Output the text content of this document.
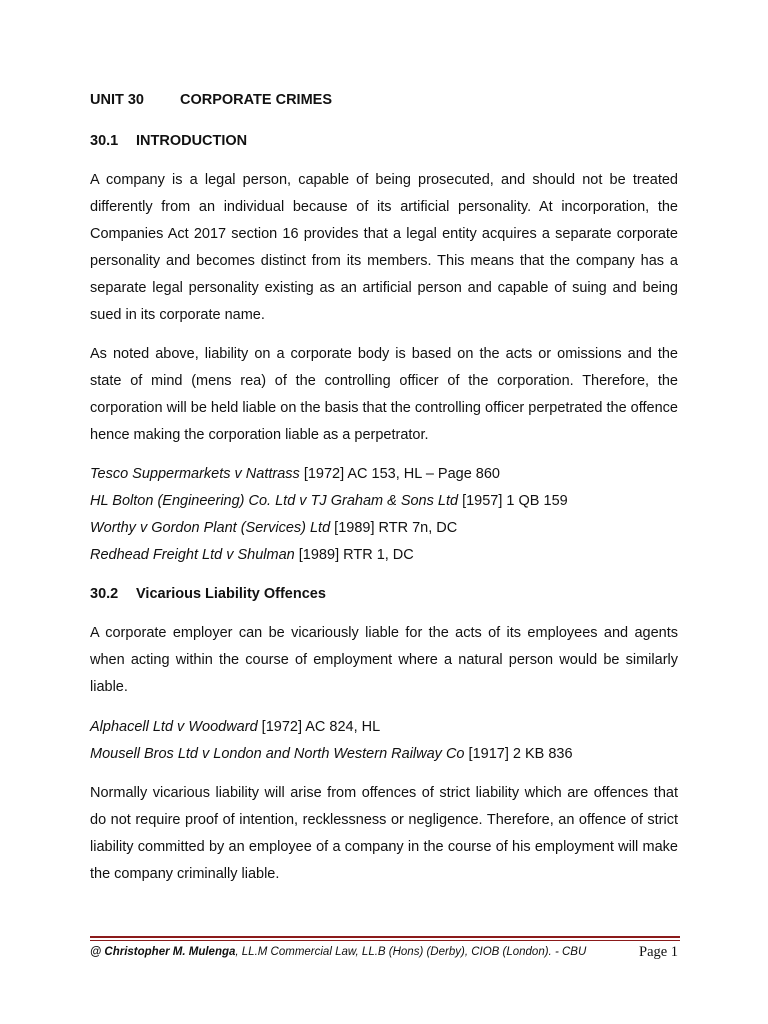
UNIT 30 CORPORATE CRIMES
30.1 INTRODUCTION

A company is a legal person, capable of being prosecuted, and should not be treated differently from an individual because of its artificial personality. At incorporation, the Companies Act 2017 section 16 provides that a legal entity acquires a separate corporate personality and becomes distinct from its members. This means that the company has a separate legal personality existing as an artificial person and capable of suing and being sued in its corporate name.

As noted above, liability on a corporate body is based on the acts or omissions and the state of mind (mens rea) of the controlling officer of the corporation. Therefore, the corporation will be held liable on the basis that the controlling officer perpetrated the offence hence making the corporation liable as a perpetrator.

Tesco Suppermarkets v Nattrass [1972] AC 153, HL – Page 860
HL Bolton (Engineering) Co. Ltd v TJ Graham & Sons Ltd [1957] 1 QB 159
Worthy v Gordon Plant (Services) Ltd [1989] RTR 7n, DC
Redhead Freight Ltd v Shulman [1989] RTR 1, DC
30.2 Vicarious Liability Offences

A corporate employer can be vicariously liable for the acts of its employees and agents when acting within the course of employment where a natural person would be similarly liable.

Alphacell Ltd v Woodward [1972] AC 824, HL
Mousell Bros Ltd v London and North Western Railway Co [1917] 2 KB 836

Normally vicarious liability will arise from offences of strict liability which are offences that do not require proof of intention, recklessness or negligence. Therefore, an offence of strict liability committed by an employee of a company in the course of his employment will make the company criminally liable.

@ Christopher M. Mulenga, LL.M Commercial Law, LL.B (Hons) (Derby), CIOB (London). - CBU	Page 1
